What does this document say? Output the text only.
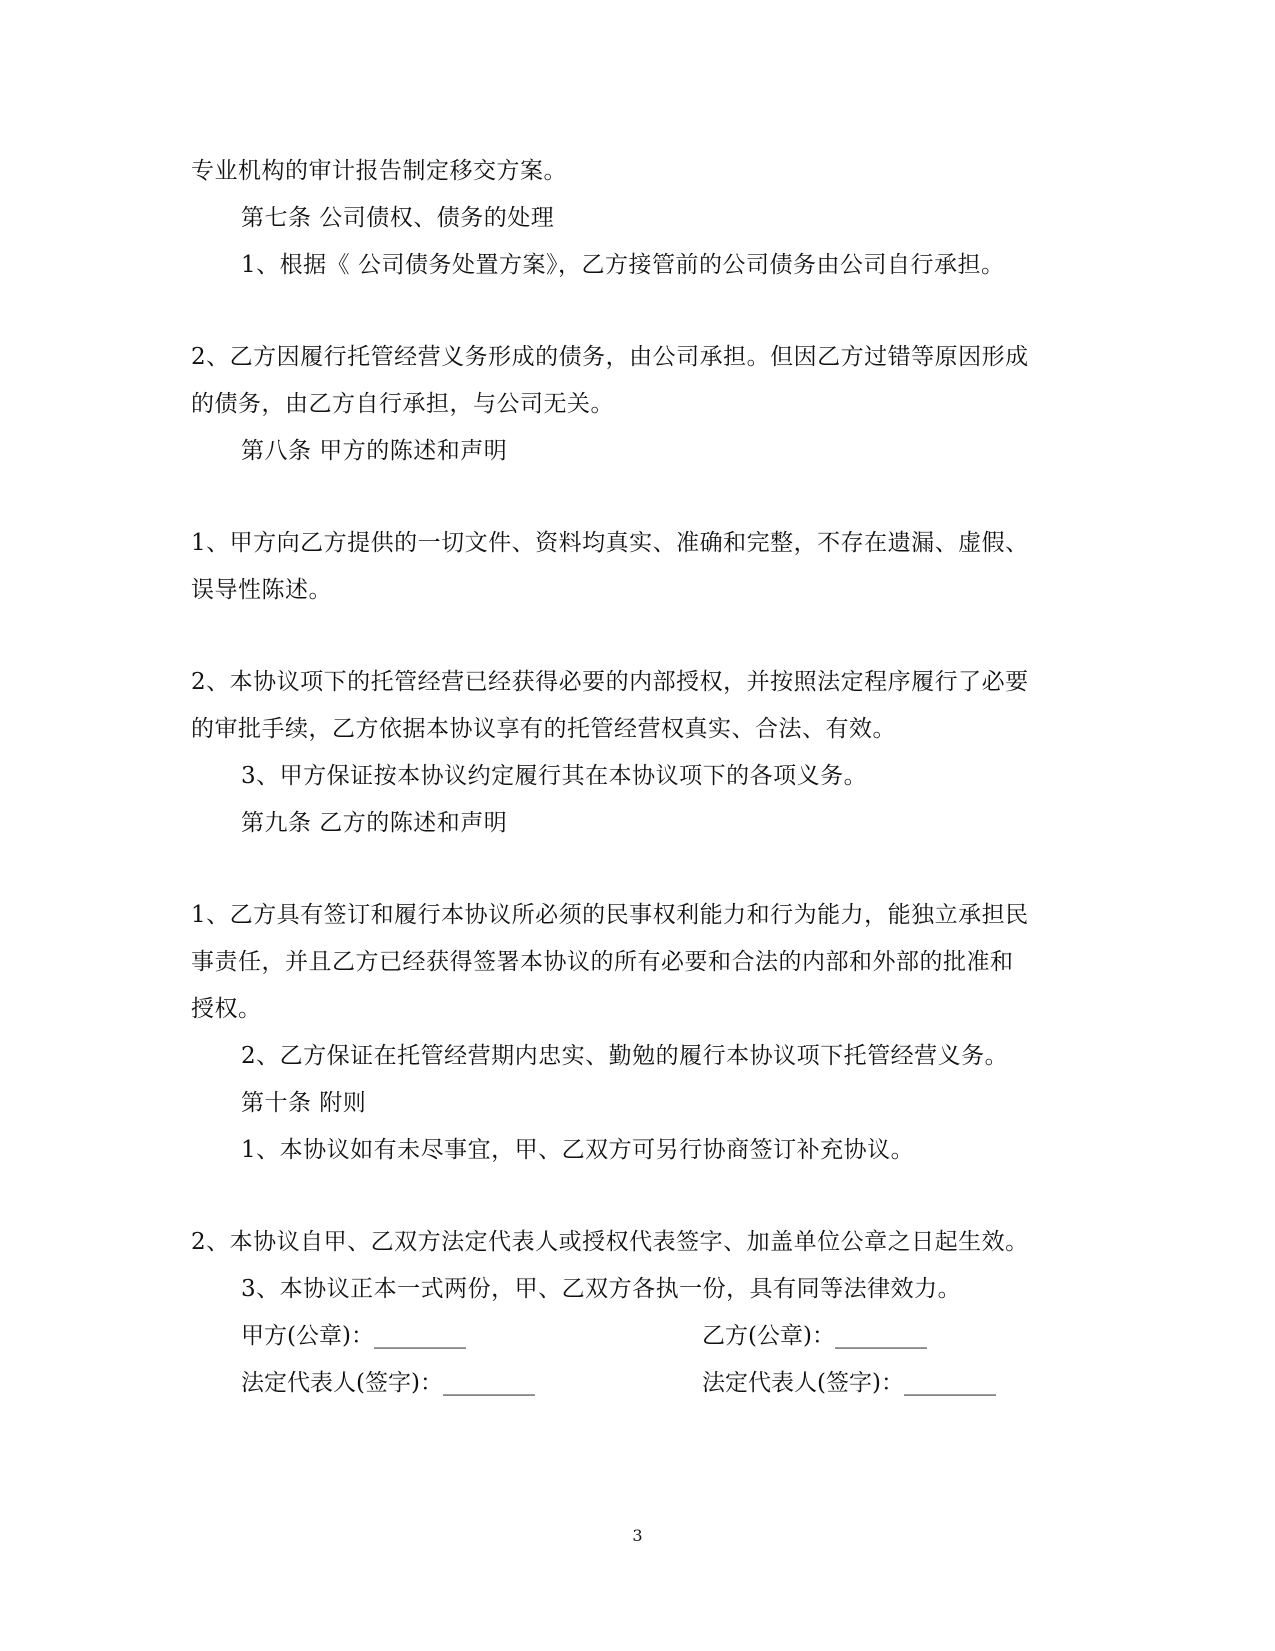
专业机构的审计报告制定移交方案。
第七条 公司债权、债务的处理
1、根据《 公司债务处置方案》，乙方接管前的公司债务由公司自行承担。
2、乙方因履行托管经营义务形成的债务，由公司承担。但因乙方过错等原因形成
的债务，由乙方自行承担，与公司无关。
第八条 甲方的陈述和声明
1、甲方向乙方提供的一切文件、资料均真实、准确和完整，不存在遗漏、虚假、
误导性陈述。
2、本协议项下的托管经营已经获得必要的内部授权，并按照法定程序履行了必要
的审批手续，乙方依据本协议享有的托管经营权真实、合法、有效。
3、甲方保证按本协议约定履行其在本协议项下的各项义务。
第九条 乙方的陈述和声明
1、乙方具有签订和履行本协议所必须的民事权利能力和行为能力，能独立承担民
事责任，并且乙方已经获得签署本协议的所有必要和合法的内部和外部的批准和
授权。
2、乙方保证在托管经营期内忠实、勤勉的履行本协议项下托管经营义务。
第十条 附则
1、本协议如有未尽事宜，甲、乙双方可另行协商签订补充协议。
2、本协议自甲、乙双方法定代表人或授权代表签字、加盖单位公章之日起生效。
3、本协议正本一式两份，甲、乙双方各执一份，具有同等法律效力。
甲方(公章)：________	乙方(公章)：________
法定代表人(签字)：________	法定代表人(签字)：________
3
